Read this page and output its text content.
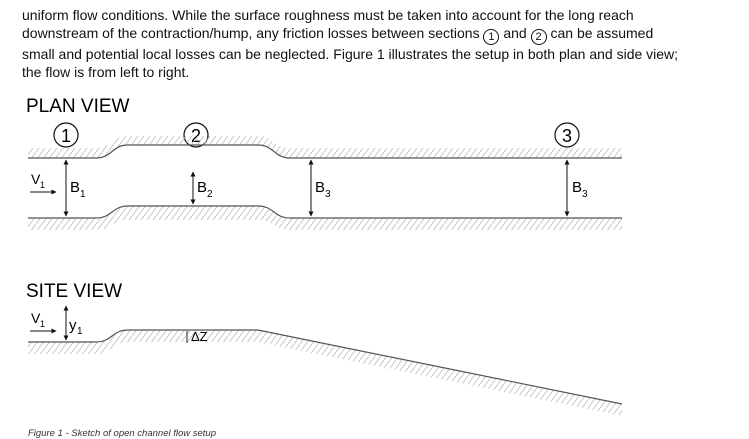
uniform flow conditions. While the surface roughness must be taken into account for the long reach
downstream of the contraction/hump, any friction losses between sections 1 and 2 can be assumed
small and potential local losses can be neglected. Figure 1 illustrates the setup in both plan and side view;
the flow is from left to right.
PLAN VIEW
1	3
V 1 B 1	B 2	B 3	B 3
SITE VIEW
V 1 y 1	ΔZ
Figure 1 - Sketch of open channel flow setup
